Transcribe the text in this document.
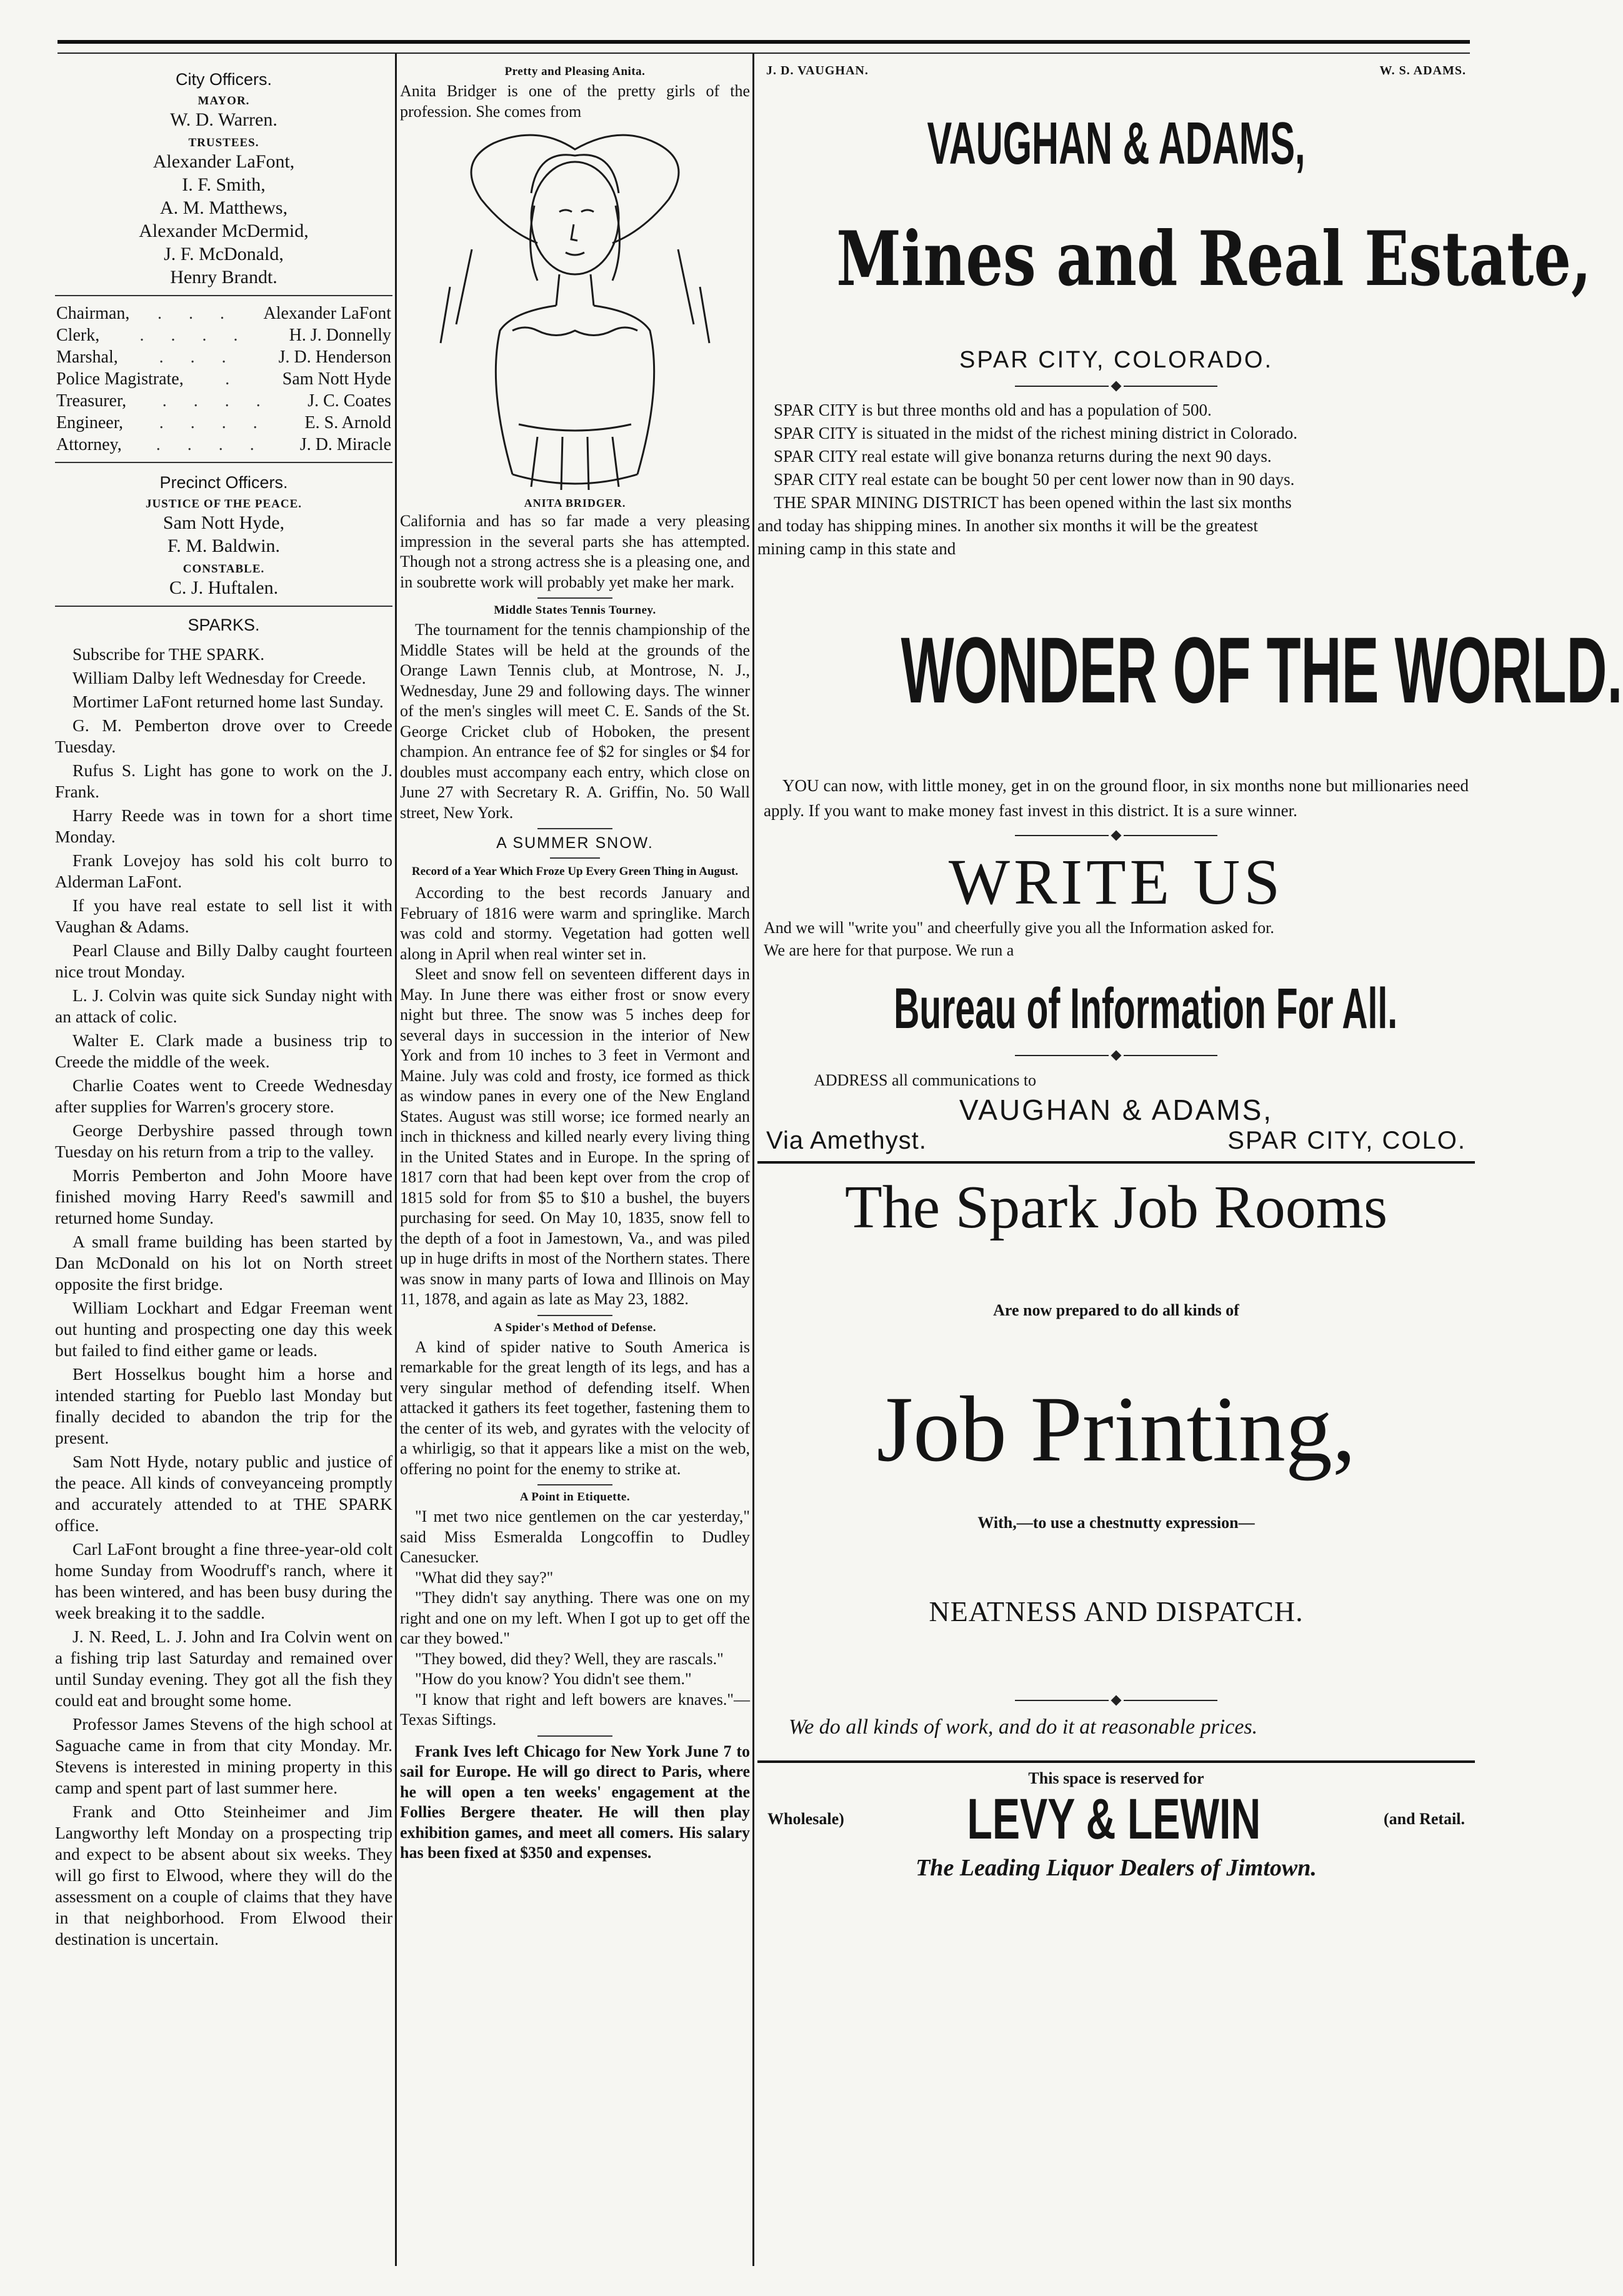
City Officers.

MAYOR.

W. D. Warren.

TRUSTEES.

Alexander LaFont,

I. F. Smith,

A. M. Matthews,

Alexander McDermid,

J. F. McDonald,

Henry Brandt.

Chairman,	. . .	Alexander LaFont
Clerk,	. . . .	H. J. Donnelly
Marshal,	. . .	J. D. Henderson
Police Magistrate,	.	Sam Nott Hyde
Treasurer,	. . . .	J. C. Coates
Engineer,	. . . .	E. S. Arnold
Attorney,	. . . .	J. D. Miracle

Precinct Officers.

JUSTICE OF THE PEACE.

Sam Nott Hyde,

F. M. Baldwin.

CONSTABLE.

C. J. Huftalen.

SPARKS.

Subscribe for THE SPARK.

William Dalby left Wednesday for Creede.

Mortimer LaFont returned home last Sunday.

G. M. Pemberton drove over to Creede Tuesday.

Rufus S. Light has gone to work on the J. Frank.

Harry Reede was in town for a short time Monday.

Frank Lovejoy has sold his colt burro to Alderman LaFont.

If you have real estate to sell list it with Vaughan & Adams.

Pearl Clause and Billy Dalby caught fourteen nice trout Monday.

L. J. Colvin was quite sick Sunday night with an attack of colic.

Walter E. Clark made a business trip to Creede the middle of the week.

Charlie Coates went to Creede Wednesday after supplies for Warren's grocery store.

George Derbyshire passed through town Tuesday on his return from a trip to the valley.

Morris Pemberton and John Moore have finished moving Harry Reed's sawmill and returned home Sunday.

A small frame building has been started by Dan McDonald on his lot on North street opposite the first bridge.

William Lockhart and Edgar Freeman went out hunting and prospecting one day this week but failed to find either game or leads.

Bert Hosselkus bought him a horse and intended starting for Pueblo last Monday but finally decided to abandon the trip for the present.

Sam Nott Hyde, notary public and justice of the peace. All kinds of conveyanceing promptly and accurately attended to at THE SPARK office.

Carl LaFont brought a fine three-year-old colt home Sunday from Woodruff's ranch, where it has been wintered, and has been busy during the week breaking it to the saddle.

J. N. Reed, L. J. John and Ira Colvin went on a fishing trip last Saturday and remained over until Sunday evening. They got all the fish they could eat and brought some home.

Professor James Stevens of the high school at Saguache came in from that city Monday. Mr. Stevens is interested in mining property in this camp and spent part of last summer here.

Frank and Otto Steinheimer and Jim Langworthy left Monday on a prospecting trip and expect to be absent about six weeks. They will go first to Elwood, where they will do the assessment on a couple of claims that they have in that neighborhood. From Elwood their destination is uncertain.

Pretty and Pleasing Anita.

Anita Bridger is one of the pretty girls of the profession. She comes from

ANITA BRIDGER.

California and has so far made a very pleasing impression in the several parts she has attempted. Though not a strong actress she is a pleasing one, and in soubrette work will probably yet make her mark.

Middle States Tennis Tourney.

The tournament for the tennis championship of the Middle States will be held at the grounds of the Orange Lawn Tennis club, at Montrose, N. J., Wednesday, June 29 and following days. The winner of the men's singles will meet C. E. Sands of the St. George Cricket club of Hoboken, the present champion. An entrance fee of $2 for singles or $4 for doubles must accompany each entry, which close on June 27 with Secretary R. A. Griffin, No. 50 Wall street, New York.

A SUMMER SNOW.

Record of a Year Which Froze Up Every Green Thing in August.

According to the best records January and February of 1816 were warm and springlike. March was cold and stormy. Vegetation had gotten well along in April when real winter set in.

Sleet and snow fell on seventeen different days in May. In June there was either frost or snow every night but three. The snow was 5 inches deep for several days in succession in the interior of New York and from 10 inches to 3 feet in Vermont and Maine. July was cold and frosty, ice formed as thick as window panes in every one of the New England States. August was still worse; ice formed nearly an inch in thickness and killed nearly every living thing in the United States and in Europe. In the spring of 1817 corn that had been kept over from the crop of 1815 sold for from $5 to $10 a bushel, the buyers purchasing for seed. On May 10, 1835, snow fell to the depth of a foot in Jamestown, Va., and was piled up in huge drifts in most of the Northern states. There was snow in many parts of Iowa and Illinois on May 11, 1878, and again as late as May 23, 1882.

A Spider's Method of Defense.

A kind of spider native to South America is remarkable for the great length of its legs, and has a very singular method of defending itself. When attacked it gathers its feet together, fastening them to the center of its web, and gyrates with the velocity of a whirligig, so that it appears like a mist on the web, offering no point for the enemy to strike at.

A Point in Etiquette.

"I met two nice gentlemen on the car yesterday," said Miss Esmeralda Longcoffin to Dudley Canesucker.

"What did they say?"

"They didn't say anything. There was one on my right and one on my left. When I got up to get off the car they bowed."

"They bowed, did they? Well, they are rascals."

"How do you know? You didn't see them."

"I know that right and left bowers are knaves."—Texas Siftings.

Frank Ives left Chicago for New York June 7 to sail for Europe. He will go direct to Paris, where he will open a ten weeks' engagement at the Follies Bergere theater. He will then play exhibition games, and meet all comers. His salary has been fixed at $350 and expenses.

J. D. VAUGHAN.	W. S. ADAMS.

VAUGHAN & ADAMS,

Mines and Real Estate,

SPAR CITY, COLORADO.

SPAR CITY is but three months old and has a population of 500.

SPAR CITY is situated in the midst of the richest mining district in Colorado.

SPAR CITY real estate will give bonanza returns during the next 90 days.

SPAR CITY real estate can be bought 50 per cent lower now than in 90 days.

THE SPAR MINING DISTRICT has been opened within the last six months

and today has shipping mines. In another six months it will be the greatest

mining camp in this state and

WONDER OF THE WORLD.

YOU can now, with little money, get in on the ground floor, in six months none but millionaries need apply. If you want to make money fast invest in this district. It is a sure winner.

WRITE US

And we will "write you" and cheerfully give you all the Information asked for.

We are here for that purpose. We run a

Bureau of Information For All.

ADDRESS all communications to

VAUGHAN & ADAMS,

Via Amethyst.	SPAR CITY, COLO.

The Spark Job Rooms

Are now prepared to do all kinds of

Job Printing,

With,—to use a chestnutty expression—

NEATNESS AND DISPATCH.

We do all kinds of work, and do it at reasonable prices.

This space is reserved for

Wholesale) LEVY & LEWIN	(and Retail.

The Leading Liquor Dealers of Jimtown.
